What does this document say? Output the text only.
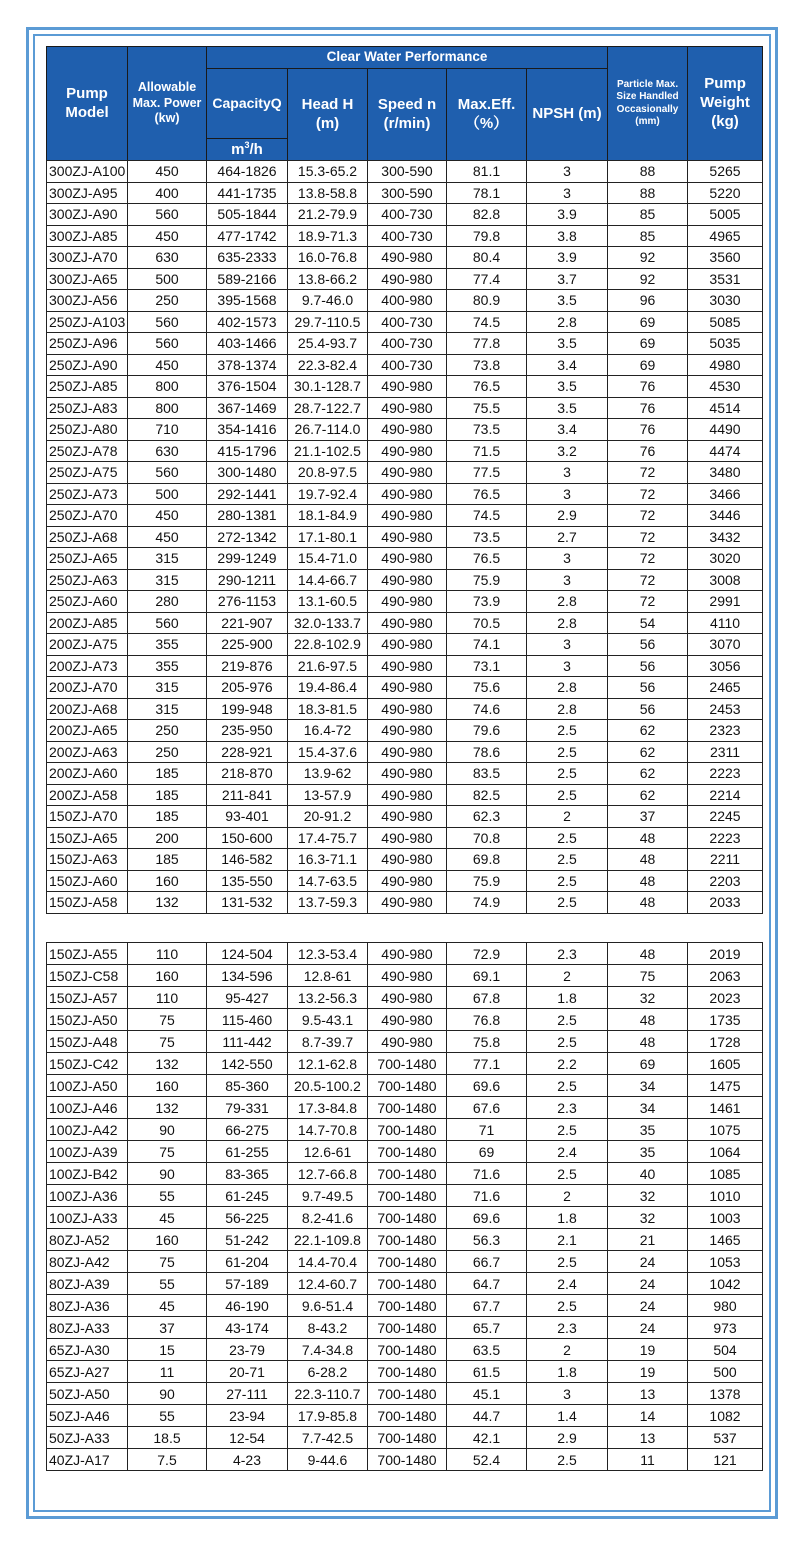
Pump Model	Allowable Max. Power (kw)	Clear Water Performance					Particle Max. Size Handled Occasionally (mm)	Pump Weight (kg)
		CapacityQ	Head H (m)	Speed n (r/min)	Max.Eff. （%）	NPSH (m)		
		$m^3/h$						
300ZJ-A100	450	464-1826	15.3-65.2	300-590	81.1	3	88	5265
300ZJ-A95	400	441-1735	13.8-58.8	300-590	78.1	3	88	5220
300ZJ-A90	560	505-1844	21.2-79.9	400-730	82.8	3.9	85	5005
300ZJ-A85	450	477-1742	18.9-71.3	400-730	79.8	3.8	85	4965
300ZJ-A70	630	635-2333	16.0-76.8	490-980	80.4	3.9	92	3560
300ZJ-A65	500	589-2166	13.8-66.2	490-980	77.4	3.7	92	3531
300ZJ-A56	250	395-1568	9.7-46.0	400-980	80.9	3.5	96	3030
250ZJ-A103	560	402-1573	29.7-110.5	400-730	74.5	2.8	69	5085
250ZJ-A96	560	403-1466	25.4-93.7	400-730	77.8	3.5	69	5035
250ZJ-A90	450	378-1374	22.3-82.4	400-730	73.8	3.4	69	4980
250ZJ-A85	800	376-1504	30.1-128.7	490-980	76.5	3.5	76	4530
250ZJ-A83	800	367-1469	28.7-122.7	490-980	75.5	3.5	76	4514
250ZJ-A80	710	354-1416	26.7-114.0	490-980	73.5	3.4	76	4490
250ZJ-A78	630	415-1796	21.1-102.5	490-980	71.5	3.2	76	4474
250ZJ-A75	560	300-1480	20.8-97.5	490-980	77.5	3	72	3480
250ZJ-A73	500	292-1441	19.7-92.4	490-980	76.5	3	72	3466
250ZJ-A70	450	280-1381	18.1-84.9	490-980	74.5	2.9	72	3446
250ZJ-A68	450	272-1342	17.1-80.1	490-980	73.5	2.7	72	3432
250ZJ-A65	315	299-1249	15.4-71.0	490-980	76.5	3	72	3020
250ZJ-A63	315	290-1211	14.4-66.7	490-980	75.9	3	72	3008
250ZJ-A60	280	276-1153	13.1-60.5	490-980	73.9	2.8	72	2991
200ZJ-A85	560	221-907	32.0-133.7	490-980	70.5	2.8	54	4110
200ZJ-A75	355	225-900	22.8-102.9	490-980	74.1	3	56	3070
200ZJ-A73	355	219-876	21.6-97.5	490-980	73.1	3	56	3056
200ZJ-A70	315	205-976	19.4-86.4	490-980	75.6	2.8	56	2465
200ZJ-A68	315	199-948	18.3-81.5	490-980	74.6	2.8	56	2453
200ZJ-A65	250	235-950	16.4-72	490-980	79.6	2.5	62	2323
200ZJ-A63	250	228-921	15.4-37.6	490-980	78.6	2.5	62	2311
200ZJ-A60	185	218-870	13.9-62	490-980	83.5	2.5	62	2223
200ZJ-A58	185	211-841	13-57.9	490-980	82.5	2.5	62	2214
150ZJ-A70	185	93-401	20-91.2	490-980	62.3	2	37	2245
150ZJ-A65	200	150-600	17.4-75.7	490-980	70.8	2.5	48	2223
150ZJ-A63	185	146-582	16.3-71.1	490-980	69.8	2.5	48	2211
150ZJ-A60	160	135-550	14.7-63.5	490-980	75.9	2.5	48	2203
150ZJ-A58	132	131-532	13.7-59.3	490-980	74.9	2.5	48	2033
150ZJ-A55	110	124-504	12.3-53.4	490-980	72.9	2.3	48	2019
150ZJ-C58	160	134-596	12.8-61	490-980	69.1	2	75	2063
150ZJ-A57	110	95-427	13.2-56.3	490-980	67.8	1.8	32	2023
150ZJ-A50	75	115-460	9.5-43.1	490-980	76.8	2.5	48	1735
150ZJ-A48	75	111-442	8.7-39.7	490-980	75.8	2.5	48	1728
150ZJ-C42	132	142-550	12.1-62.8	700-1480	77.1	2.2	69	1605
100ZJ-A50	160	85-360	20.5-100.2	700-1480	69.6	2.5	34	1475
100ZJ-A46	132	79-331	17.3-84.8	700-1480	67.6	2.3	34	1461
100ZJ-A42	90	66-275	14.7-70.8	700-1480	71	2.5	35	1075
100ZJ-A39	75	61-255	12.6-61	700-1480	69	2.4	35	1064
100ZJ-B42	90	83-365	12.7-66.8	700-1480	71.6	2.5	40	1085
100ZJ-A36	55	61-245	9.7-49.5	700-1480	71.6	2	32	1010
100ZJ-A33	45	56-225	8.2-41.6	700-1480	69.6	1.8	32	1003
80ZJ-A52	160	51-242	22.1-109.8	700-1480	56.3	2.1	21	1465
80ZJ-A42	75	61-204	14.4-70.4	700-1480	66.7	2.5	24	1053
80ZJ-A39	55	57-189	12.4-60.7	700-1480	64.7	2.4	24	1042
80ZJ-A36	45	46-190	9.6-51.4	700-1480	67.7	2.5	24	980
80ZJ-A33	37	43-174	8-43.2	700-1480	65.7	2.3	24	973
65ZJ-A30	15	23-79	7.4-34.8	700-1480	63.5	2	19	504
65ZJ-A27	11	20-71	6-28.2	700-1480	61.5	1.8	19	500
50ZJ-A50	90	27-111	22.3-110.7	700-1480	45.1	3	13	1378
50ZJ-A46	55	23-94	17.9-85.8	700-1480	44.7	1.4	14	1082
50ZJ-A33	18.5	12-54	7.7-42.5	700-1480	42.1	2.9	13	537
40ZJ-A17	7.5	4-23	9-44.6	700-1480	52.4	2.5	11	121
